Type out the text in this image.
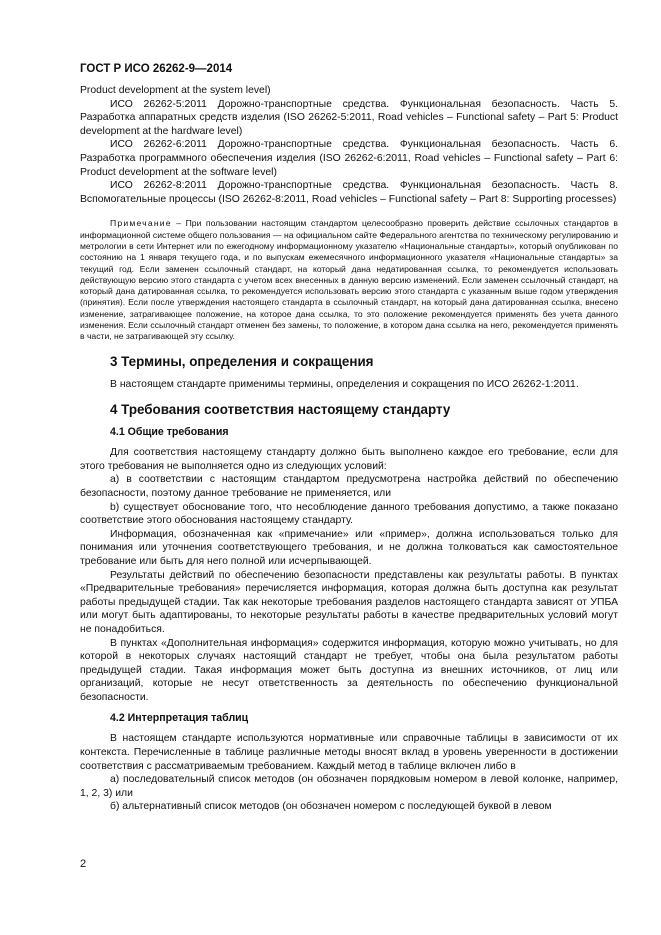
ГОСТ Р ИСО 26262-9—2014

Product development at the system level)

ИСО 26262-5:2011 Дорожно-транспортные средства. Функциональная безопасность. Часть 5. Разработка аппаратных средств изделия (ISO 26262-5:2011, Road vehicles – Functional safety – Part 5: Product development at the hardware level)

ИСО 26262-6:2011 Дорожно-транспортные средства. Функциональная безопасность. Часть 6. Разработка программного обеспечения изделия (ISO 26262-6:2011, Road vehicles – Functional safety – Part 6: Product development at the software level)

ИСО 26262-8:2011 Дорожно-транспортные средства. Функциональная безопасность. Часть 8. Вспомогательные процессы (ISO 26262-8:2011, Road vehicles – Functional safety – Part 8: Supporting processes)

Примечание – При пользовании настоящим стандартом целесообразно проверить действие ссылочных стандартов в информационной системе общего пользования — на официальном сайте Федерального агентства по техническому регулированию и метрологии в сети Интернет или по ежегодному информационному указателю «Национальные стандарты», который опубликован по состоянию на 1 января текущего года, и по выпускам ежемесячного информационного указателя «Национальные стандарты» за текущий год. Если заменен ссылочный стандарт, на который дана недатированная ссылка, то рекомендуется использовать действующую версию этого стандарта с учетом всех внесенных в данную версию изменений. Если заменен ссылочный стандарт, на который дана датированная ссылка, то рекомендуется использовать версию этого стандарта с указанным выше годом утверждения (принятия). Если после утверждения настоящего стандарта в ссылочный стандарт, на который дана датированная ссылка, внесено изменение, затрагивающее положение, на которое дана ссылка, то это положение рекомендуется применять без учета данного изменения. Если ссылочный стандарт отменен без замены, то положение, в котором дана ссылка на него, рекомендуется применять в части, не затрагивающей эту ссылку.

3 Термины, определения и сокращения

В настоящем стандарте применимы термины, определения и сокращения по ИСО 26262-1:2011.

4 Требования соответствия настоящему стандарту
4.1 Общие требования

Для соответствия настоящему стандарту должно быть выполнено каждое его требование, если для этого требования не выполняется одно из следующих условий:

а) в соответствии с настоящим стандартом предусмотрена настройка действий по обеспечению безопасности, поэтому данное требование не применяется, или

b) существует обоснование того, что несоблюдение данного требования допустимо, а также показано соответствие этого обоснования настоящему стандарту.

Информация, обозначенная как «примечание» или «пример», должна использоваться только для понимания или уточнения соответствующего требования, и не должна толковаться как самостоятельное требование или быть для него полной или исчерпывающей.

Результаты действий по обеспечению безопасности представлены как результаты работы. В пунктах «Предварительные требования» перечисляется информация, которая должна быть доступна как результат работы предыдущей стадии. Так как некоторые требования разделов настоящего стандарта зависят от УПБА или могут быть адаптированы, то некоторые результаты работы в качестве предварительных условий могут не понадобиться.

В пунктах «Дополнительная информация» содержится информация, которую можно учитывать, но для которой в некоторых случаях настоящий стандарт не требует, чтобы она была результатом работы предыдущей стадии. Такая информация может быть доступна из внешних источников, от лиц или организаций, которые не несут ответственность за деятельность по обеспечению функциональной безопасности.

4.2 Интерпретация таблиц

В настоящем стандарте используются нормативные или справочные таблицы в зависимости от их контекста. Перечисленные в таблице различные методы вносят вклад в уровень уверенности в достижении соответствия с рассматриваемым требованием. Каждый метод в таблице включен либо в

а) последовательный список методов (он обозначен порядковым номером в левой колонке, например, 1, 2, 3) или

б) альтернативный список методов (он обозначен номером с последующей буквой в левом

2
